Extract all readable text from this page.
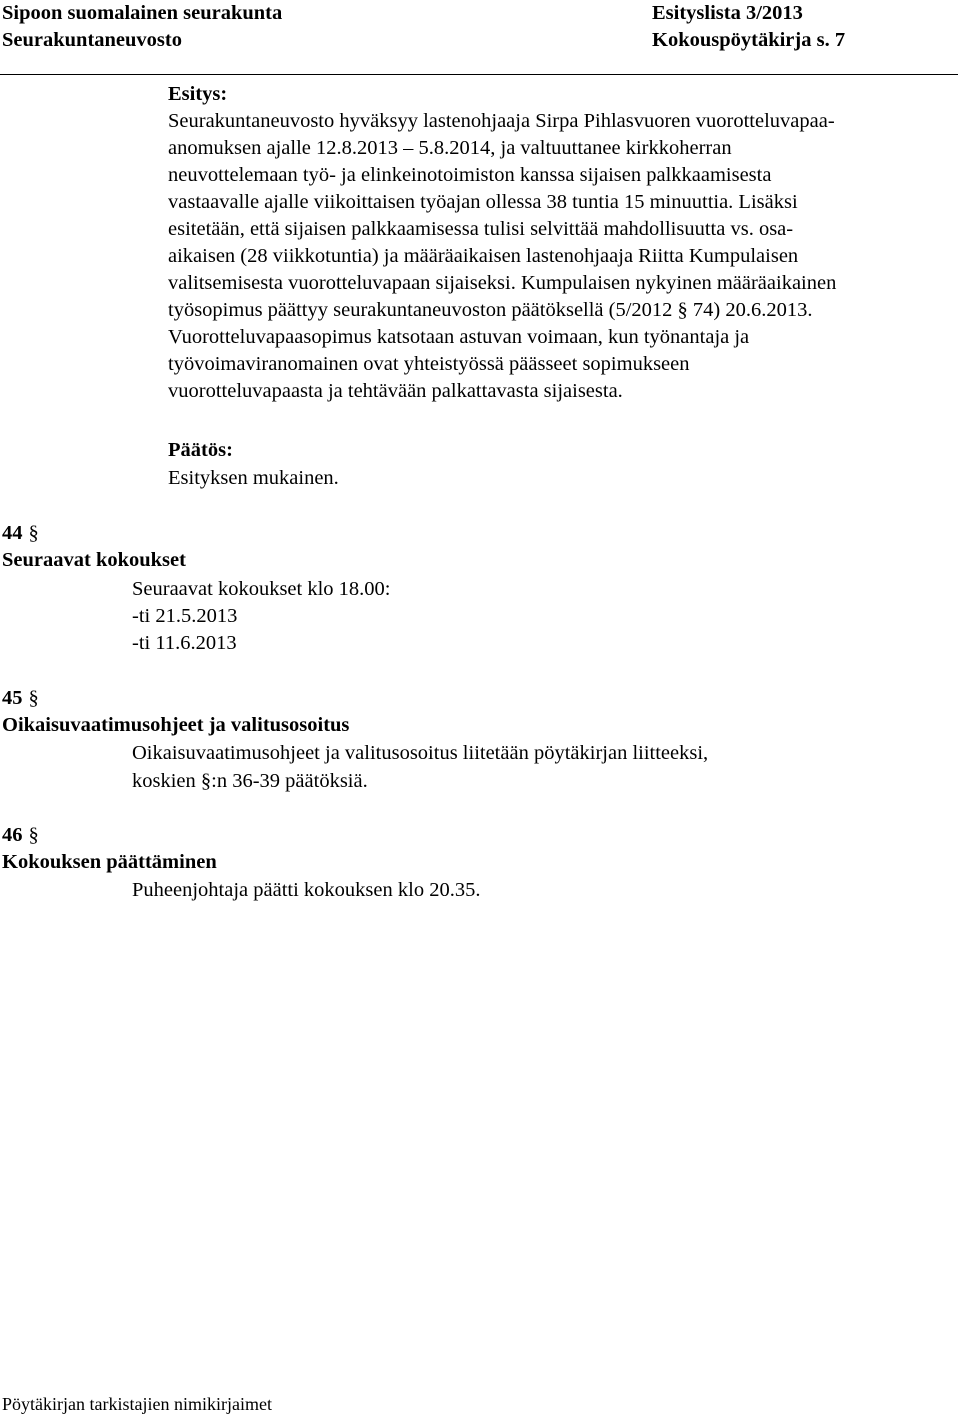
Sipoon suomalainen seurakunta
Seurakuntaneuvosto
Esityslista 3/2013
Kokouspöytäkirja s. 7
Esitys:

Seurakuntaneuvosto hyväksyy lastenohjaaja Sirpa Pihlasvuoren vuorotteluvapaa-

anomuksen ajalle 12.8.2013 – 5.8.2014, ja valtuuttanee kirkkoherran

neuvottelemaan työ- ja elinkeinotoimiston kanssa sijaisen palkkaamisesta

vastaavalle ajalle viikoittaisen työajan ollessa 38 tuntia 15 minuuttia. Lisäksi

esitetään, että sijaisen palkkaamisessa tulisi selvittää mahdollisuutta vs. osa-

aikaisen (28 viikkotuntia) ja määräaikaisen lastenohjaaja Riitta Kumpulaisen

valitsemisesta vuorotteluvapaan sijaiseksi. Kumpulaisen nykyinen määräaikainen

työsopimus päättyy seurakuntaneuvoston päätöksellä (5/2012 § 74) 20.6.2013.

Vuorotteluvapaasopimus katsotaan astuvan voimaan, kun työnantaja ja

työvoimaviranomainen ovat yhteistyössä päässeet sopimukseen

vuorotteluvapaasta ja tehtävään palkattavasta sijaisesta.

Päätös:
Esityksen mukainen.
44 §
Seuraavat kokoukset
Seuraavat kokoukset klo 18.00:
-ti 21.5.2013
-ti 11.6.2013
45 §
Oikaisuvaatimusohjeet ja valitusosoitus
Oikaisuvaatimusohjeet ja valitusosoitus liitetään pöytäkirjan liitteeksi,
koskien §:n 36-39 päätöksiä.
46 §
Kokouksen päättäminen
Puheenjohtaja päätti kokouksen klo 20.35.
Pöytäkirjan tarkistajien nimikirjaimet
